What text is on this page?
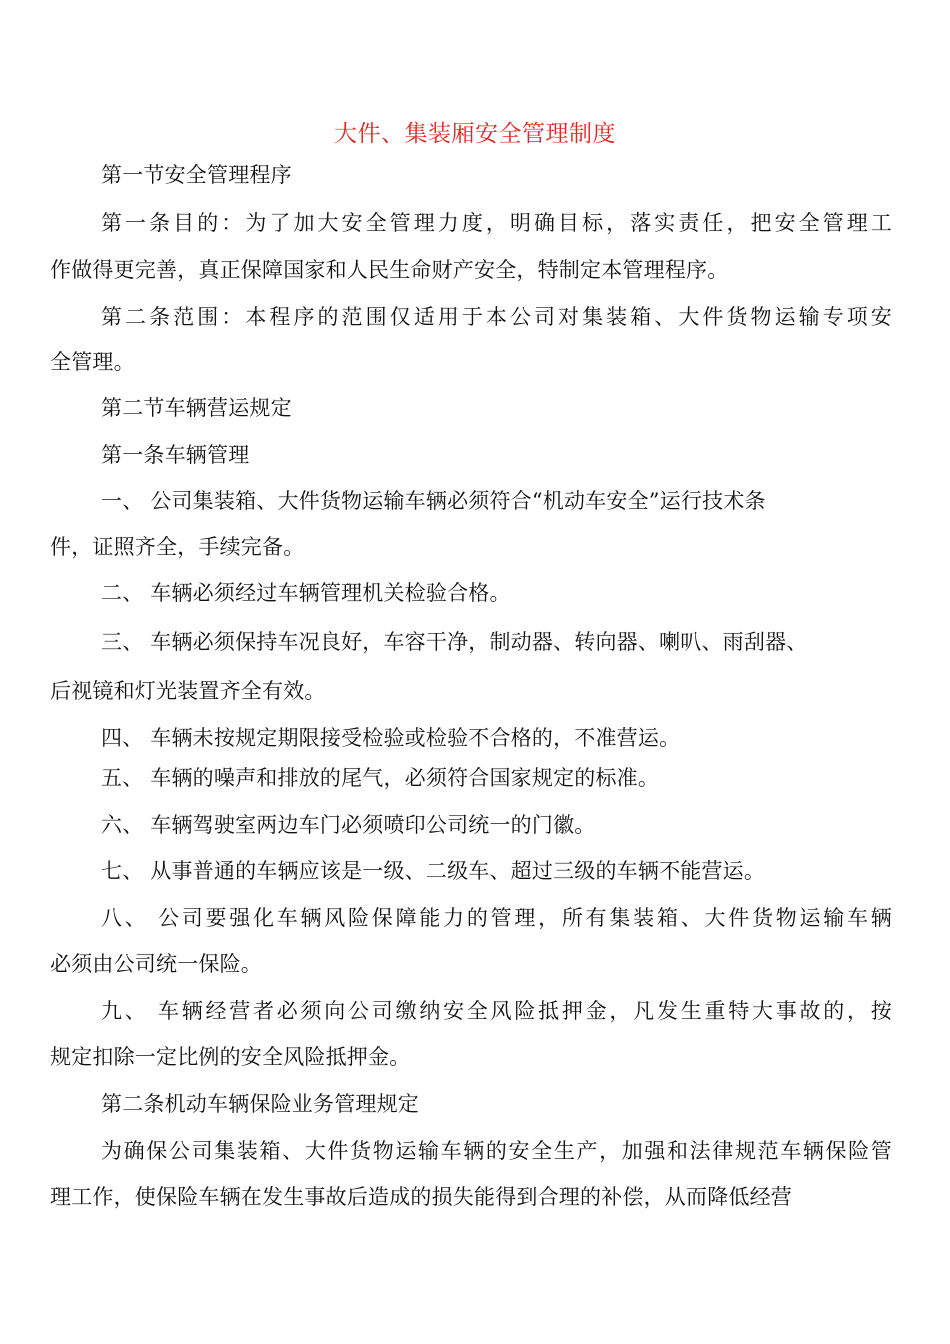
大件、集装厢安全管理制度
第一节安全管理程序
第一条目的：为了加大安全管理力度，明确目标，落实责任，把安全管理工
作做得更完善，真正保障国家和人民生命财产安全，特制定本管理程序。
第二条范围：本程序的范围仅适用于本公司对集装箱、大件货物运输专项安
全管理。
第二节车辆营运规定
第一条车辆管理
一、 公司集装箱、大件货物运输车辆必须符合“机动车安全”运行技术条
件，证照齐全，手续完备。
二、 车辆必须经过车辆管理机关检验合格。
三、 车辆必须保持车况良好，车容干净，制动器、转向器、喇叭、雨刮器、
后视镜和灯光装置齐全有效。
四、 车辆未按规定期限接受检验或检验不合格的，不准营运。
五、 车辆的噪声和排放的尾气，必须符合国家规定的标准。
六、 车辆驾驶室两边车门必须喷印公司统一的门徽。
七、 从事普通的车辆应该是一级、二级车、超过三级的车辆不能营运。
八、 公司要强化车辆风险保障能力的管理，所有集装箱、大件货物运输车辆
必须由公司统一保险。
九、 车辆经营者必须向公司缴纳安全风险抵押金，凡发生重特大事故的，按
规定扣除一定比例的安全风险抵押金。
第二条机动车辆保险业务管理规定
为确保公司集装箱、大件货物运输车辆的安全生产，加强和法律规范车辆保险管
理工作，使保险车辆在发生事故后造成的损失能得到合理的补偿，从而降低经营
